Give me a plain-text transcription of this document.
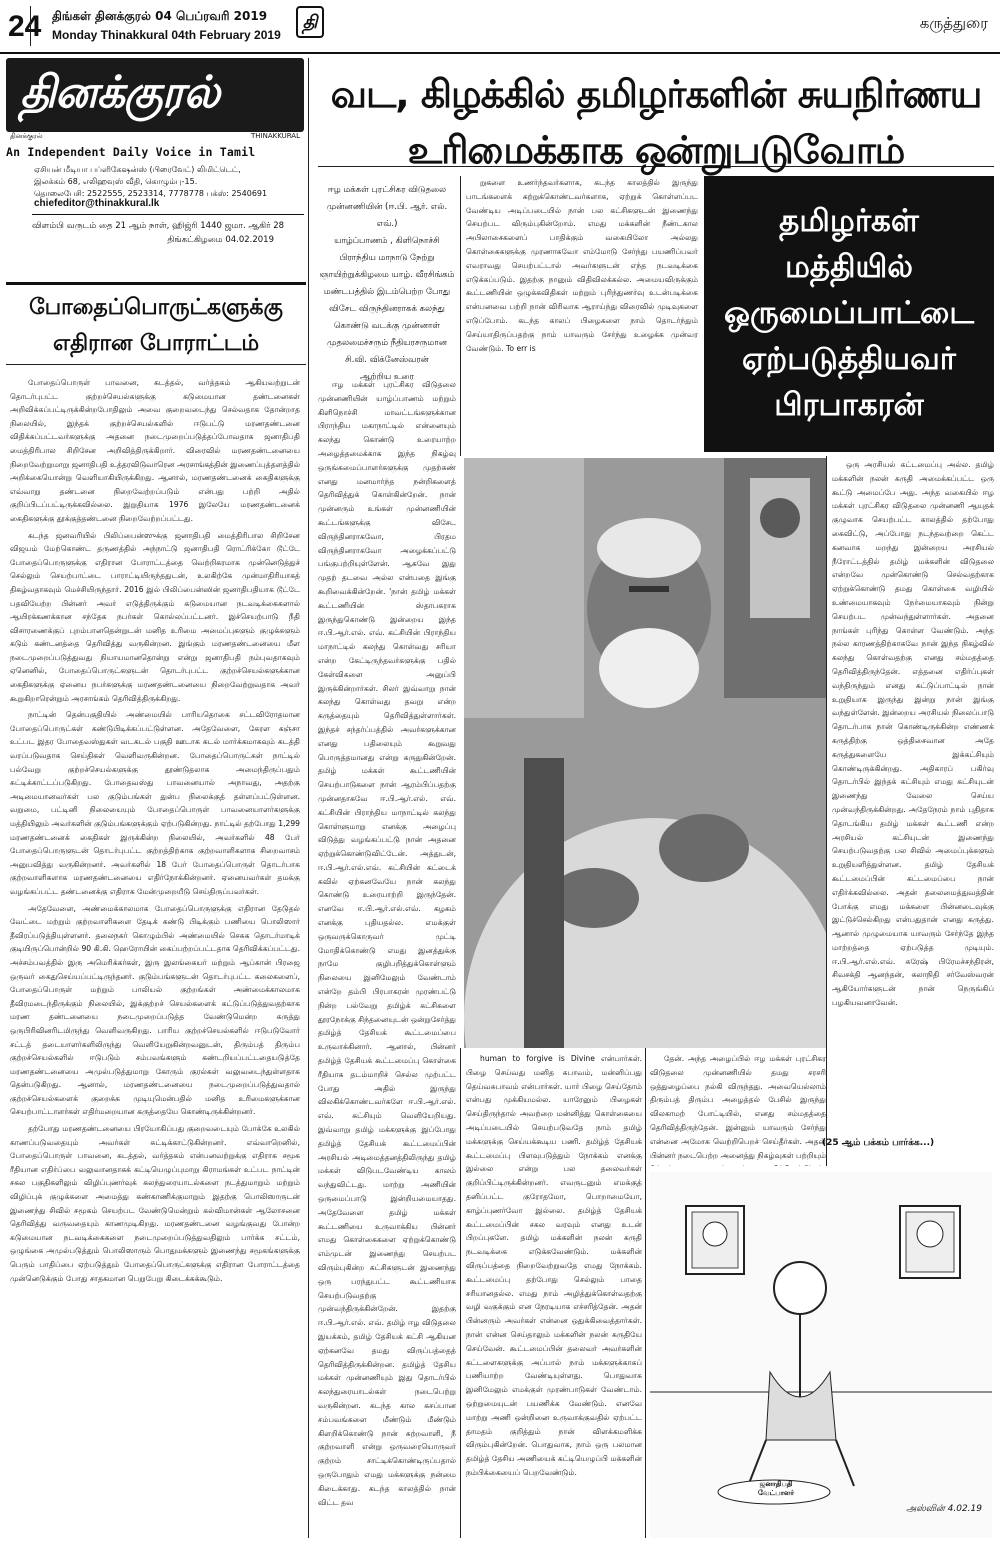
24 திங்கள் தினக்குரல் 04 பெப்ரவரி 2019
Monday Thinakkural 04th February 2019
தி	கருத்துரை
தினக்குரல்
தினக்குரல்	THINAKKURAL
An Independent Daily Voice in Tamil
ஏசியன் மீடியா பப்ளிகேஷன்ஸ் (பிரைவேட்) லிமிட்டெட்,
இலக்கம் 68, எலிஹவுஸ் வீதி, கொழும்பு-15.
தொலைபேசி: 2522555, 2523314, 7778778 பக்ஸ்: 2540691
chiefeditor@thinakkural.lk
விளம்பி வருடம் தை 21 ஆம் நாள், ஹிஜ்ரி 1440 ஜமா. ஆகிர் 28
திங்கட்கிழமை 04.02.2019
வட, கிழக்கில் தமிழர்களின் சுயநிர்ணய
உரிமைக்காக ஒன்றுபடுவோம்
போதைப்பொருட்களுக்கு
எதிரான போராட்டம்

போதைப்பொருள் பாவனை, கடத்தல், வர்த்தகம் ஆகியவற்றுடன் தொடர்புபட்ட குற்றச்செயல்களுக்கு கடுமையான தண்டனைகள் அறிவிக்கப்பட்டிருக்கின்றபோதிலும் அவை குறைவடைந்து செல்வதாக தோன்றாத நிலையில், இந்தக் குற்றச்செயல்களில் ஈடுபட்டு மரணதண்டனை விதிக்கப்பட்டவர்களுக்கு அதனை நடைமுறைப்படுத்தப்போவதாக ஜனாதிபதி மைத்திரிபால சிறிசேன அறிவித்திருக்கிறார். விரைவில் மரணதண்டனையை நிறைவேற்றுமாறு ஜனாதிபதி உத்தரவிடுவாரென அரசாங்கத்தின் இணைப்புத்தளத்தில் அறிக்கையொன்று வெளியாகியிருக்கிறது. ஆனால், மரணதண்டனைக் கைதிகளுக்கு எவ்வாறு தண்டனை நிறைவேற்றப்படும் என்பது பற்றி அதில் குறிப்பிடப்பட்டிருக்கவில்லை. இறுதியாக 1976 இலேயே மரணதண்டனைக் கைதிகளுக்கு தூக்குத்தண்டனை நிறைவேற்றப்பட்டது.

கடந்த ஜனவரியில் பிலிப்பைன்ஸுக்கு ஜனாதிபதி மைத்திரிபால சிறிசேன விஜயம் மேற்கொண்ட தருணத்தில் அந்நாட்டு ஜனாதிபதி ரொட்ரிக்கோ டூட்டே போதைப்பொருளுக்கு எதிரான போராட்டத்தை வெற்றிகரமாக முன்னெடுத்துச் செல்லும் செயற்பாட்டை பாராட்டியிருந்ததுடன், உலகிற்கே முன்மாதிரியாகத் திகழ்வதாகவும் மெச்சியிருந்தார். 2016 இல் பிலிப்பைன்ஸின் ஜனாதிபதியாக டூட்டே பதவியேற்ற பின்னர் அவர் எடுத்திருக்கும் கடுமையான நடவடிக்கைகளால் ஆயிரக்கணக்கான சந்தேக நபர்கள் கொல்லப்பட்டனர். இச்செயற்பாடு நீதி விசாரணைக்குப் புறம்பானதென்றுடன் மனித உரிமை அமைப்புகளும் குழுக்களும் கடும் கண்டனத்தை தெரிவித்து வருகின்றன. இங்கும் மரணதண்டனையை மீள நடைமுறைப்படுத்துவது நியாயமானதொன்று என்று ஜனாதிபதி நம்புவதாகவும் ஏனெனில், போதைப்பொருட்களுடன் தொடர்புபட்ட குற்றச்செயல்களுக்கான கைதிகளுக்கு ஏனைய நபர்களுக்கு மரணதண்டனையை நிறைவேற்றுவதாக அவர் கூறுகிறாரென்றும் அரசாங்கம் தெரிவித்திருக்கிறது.

நாட்டின் தென்பகுதியில் அண்மையில் பாரியதொகை சட்டவிரோதமான போதைப்பொருட்கள் கண்டுபிடிக்கப்பட்டுள்ளன. அதேவேளை, கேரள கஞ்சா உட்பட இதர போதைவஸ்துகள் வடகடல் பகுதி ஊடாக கடல் மார்க்கமாகவும் கடத்தி வரப்படுவதாக செய்திகள் வெளிவருகின்றன. போதைப்பொருட்கள் நாட்டில் பல்வேறு குற்றச்செயல்களுக்கு தூண்டுதலாக அமைந்திருப்பதும் சுட்டிக்காட்டப்படுகிறது. போதைவஸ்து பாவனையால் அநாவது, அதற்கு அடிமையானவர்கள் பல குடும்பங்கள் துன்ப நிலைக்குத் தள்ளப்பட்டுள்ளன. வறுமை, பட்டினி நிலையையும் போதைப்பொருள் பாவனையாளர்களுக்கு மத்தியிலும் அவர்களின் குடும்பங்களுக்கும் ஏற்படுகின்றது. நாட்டில் தற்போது 1,299 மரணதண்டனைக் கைதிகள் இருக்கின்ற நிலையில், அவர்களில் 48 பேர் போதைப்பொருளுடன் தொடர்புபட்ட குற்றத்திற்காக குற்றவாளிகளாக சிறைவாசம் அனுபவித்து வருகின்றனர். அவர்களில் 18 பேர் போதைப்பொருள் தொடர்பாக குற்றவாளிகளாக மரணதண்டனையை எதிர்நோக்கின்றனர். ஏனையவர்கள் தமக்கு வழங்கப்பட்ட தண்டனைக்கு எதிராக மேன்முறையீடு செய்திருப்பவர்கள்.

அதேவேளை, அண்மைக்காலமாக போதைப்பொருளுக்கு எதிரான தேடுதல் வேட்டை மற்றும் குற்றவாளிகளை தேடிக் கண்டு பிடிக்கும் பணியை பொலிஸார் தீவிரப்படுத்தியுள்ளனர். தலைநகர் கொழும்பில் அண்மையில் செசுக தொடர்மாடிக் குடியிருப்பொன்றில் 90 கி.கி. ஹெரோயின் கைப்பற்றப்பட்டதாக தெரிவிக்கப்பட்டது. அச்சம்பவத்தில் இரு அமெரிக்கர்கள், இரு இலங்கையர் மற்றும் ஆப்கான் பிரஜை ஒருவர் கைதுசெய்யப்பட்டிருந்தனர். குடும்பங்களுடன் தொடர்புபட்ட கலைகளைப், போதைப்பொருள் மற்றும் பாலியல் குற்றங்கள் அண்மைக்காலமாக தீவிரமடைந்திருக்கும் நிலையில், இக்குற்றச் செயல்களைக் கட்டுப்படுத்துவதற்காக மரண தண்டனையை நடைமுறைப்படுத்த வேண்டுமென்ற கருத்து ஒருபிரிவினரிடமிருந்து வெளிவருகிறது. பாரிய குற்றச்செயல்களில் ஈடுபடுவோர் சட்டத் தடையாளர்களிலிருந்து வெளியேறுகின்றவனுடன், திரும்பத் திரும்ப குற்றச்செயல்களில் ஈடுபடும் சம்பவங்களும் கண்டறியப்பட்டதையடுத்தே மரணதண்டனையை அமுல்படுத்துமாறு கோரும் குரல்கள் வலுவடைந்துள்ளதாக தென்படுகிறது. ஆனால், மரணதண்டனையை நடைமுறைப்படுத்துவதால் குற்றச்செயல்களைக் குறைக்க முடியுமென்பதில் மனித உரிமைகளுக்கான செயற்பாட்டாளர்கள் எதிர்மறையான கருத்தையே கொண்டிருக்கின்றனர்.

தற்போது மரணதண்டனையை பிரயோகிப்பது குறைவடையும் போக்கே உலகில் காணப்படுவதையும் அவர்கள் சுட்டிக்காட்டுகின்றனர். எவ்வாறெனில், போதைப்பொருள் பாவனை, கடத்தல், வர்த்தகம் என்பனவற்றுக்கு எதிராக சமூக ரீதியான எதிர்ப்பை வலுவானதாகக் கட்டியெழுப்புமாறு கிராமங்கள் உட்பட நாட்டின் சகல பகுதிகளிலும் விழிப்புணர்வுக் கலந்துரையாடல்களை நடத்துமாறும் மற்றும் விழிப்புக் குழுக்களை அமைத்து கண்காணிக்குமாறும் இதற்கு பொலிஸாருடன் இணைந்து சிவில் சமூகம் செயற்பட வேண்டுமென்றும் கல்விமான்கள் ஆலோசனை தெரிவித்து வருவதையும் காணமுடிகிறது. மரணதண்டனை வழங்குவது போன்ற கடுமையான நடவடிக்கைகளை நடைமுறைப்படுத்துவதிலும் பார்க்க சட்டம், ஒழுங்கை அமுல்படுத்தும் பொலிஸாரும் பொதுமக்களும் இணைந்து சமூகங்களுக்கு பெரும் பாதிப்பை ஏற்படுத்தும் போதைப்பொருட்களுக்கு எதிரான போராட்டத்தை முன்னெடுக்கும் போது சாதகமான பெறுபேறு கிடைக்கக்கூடும்.

ஈழ மக்கள் புரட்சிகர விடுதலை
முன்னணியின் (ஈ.பி. ஆர். எல். எவ்.)
யாழ்ப்பாணம் , கிளிநொச்சி
பிராந்திய மாநாடு நேற்று
ஞாயிற்றுக்கிழமை யாழ். வீரசிங்கம்
மண்டபத்தில் இடம்பெற்ற போது
விசேட விருந்தினராகக் கலந்து
கொண்டு வடக்கு முன்னாள்
முதலமைச்சரும் நீதியரசருமான
சி.வி. விக்னேஸ்வரன்
ஆற்றிய உரை

ஈழ மக்கள் புரட்சிகர விடுதலை முன்னணியின் யாழ்ப்பாணம் மற்றும் கிளிநொச்சி மாவட்டங்களுக்கான பிராந்திய மகாநாட்டில் என்னையும் கலந்து கொண்டு உரையாற்ற அழைத்தமைக்காக இந்த நிகழ்வு ஒருங்கமைப்பாளர்களுக்கு முதற்கண் எனது மனமார்ந்த நன்றிகளைத் தெரிவித்துக் கொள்கின்றேன். நான் முன்னரும் உங்கள் முன்னணியின் கூட்டங்களுக்கு விசேட விருந்தினராகவோ, பிரதம விருந்தினராகவோ அழைக்கப்பட்டு பங்குபற்றியுள்ளேன். ஆகவே இது முதற் தடவை அல்ல என்பதை இங்கு கூறிவைக்கின்றேன். 'நான் தமிழ் மக்கள் கூட்டணியின் ஸ்தாபகராக இருந்துகொண்டு இன்றைய இந்த ஈ.பி.ஆர்.எல். எவ். கட்சியின் பிராந்திய மாநாட்டில் கலந்து கொள்வது சரியா என்ற கேட்டிருந்தவர்களுக்கு பதில் கேள்விகளை அனுப்பி இருக்கின்றார்கள். சிலர் இவ்வாறு நான் கலந்து கொள்வது தவறு என்ற கருத்தையும் தெரிவித்துள்ளார்கள். இந்தச் சந்தர்ப்பத்தில் அவர்களுக்கான எனது பதிலையும் கூறுவது பொருத்தமானது என்று கருதுகின்றேன். தமிழ் மக்கள் கூட்டணியின் செயற்பாடுகளை நான் ஆரம்பிப்பதற்கு முன்னதாகவே ஈ.பி.ஆர்.எல். எவ். கட்சியின் பிராந்திய மாநாட்டில் கலந்து கொள்ளுமாறு எனக்கு அழைப்பு விடுத்து வழங்கப்பட்டு நான் அதனை ஏற்றுக்கொண்டுவிட்டேன். அத்துடன், ஈ.பி.ஆர்.எல்.எவ். கட்சியின் கட்டைக் கவில் ஏற்கனவேயே நான் கலந்து கொண்டு உரையாற்றி இருந்தேன். எனவே ஈ.பி.ஆர்.எல்.எவ். கழகம் எனக்கு புதியதல்ல. எமக்குள் ஒருவருக்கொருவர் முட்டி மோதிக்கொண்டு எமது இனத்துக்கு நாமே குழிபறித்துக்கொள்ளும் நிலையை இனிமேலும் வேண்டாம் என்றே தம்பி பிரபாகரன் முரண்பட்டு நின்ற பல்வேறு தமிழ்க் கட்சிகளை தூரநோக்கு சிந்தனையுடன் ஒன்றுசேர்த்து தமிழ்த் தேசியக் கூட்டமைப்பை உருவாக்கினார். ஆனால், பின்னர் தமிழ்த் தேசியக் கூட்டமைப்பு கொள்கை ரீதியாக தடம்மாறிச் செல்ல முற்பட்ட போது அதில் இருந்து விலகிக்கொண்டவர்களே ஈ.பி.ஆர்.எல். எவ். கட்சியும் வெளியேறியது. இவ்வாறு தமிழ் மக்களுக்கு இப்போது தமிழ்த் தேசியக் கூட்டமைப்பின் அரசியல் அடிமைத்தனத்திலிருந்து தமிழ் மக்கள் விடுபடவேண்டிய காலம் வந்துவிட்டது. மாற்று அணியின் ஒருமைப்பாடு இன்றியமையாதது. அதேவேளை தமிழ் மக்கள் கூட்டணியை உருவாக்கிய பின்னர் எமது கொள்கைகளை ஏற்றுக்கொண்டு எம்முடன் இணைந்து செயற்பட விரும்புகின்ற கட்சிகளுடன் இணைந்து ஒரு பரந்துபட்ட கூட்டணியாக செயற்படுவதற்கு முன்வந்திருக்கின்றேன். இதற்கு ஈ.பி.ஆர்.எல். எவ். தமிழ் ஈழ விடுதலை இயக்கம், தமிழ் தேசியக் கட்சி ஆகியன ஏற்கனவே தமது விருப்பத்தைத் தெரிவித்திருக்கின்றன. தமிழ்த் தேசிய மக்கள் முன்னணியும் இது தொடர்பில் கலந்துரையாடல்கள் நடைபெற்று வருகின்றன. கடந்த கால கசப்பான சம்பவங்களை மீண்டும் மீண்டும் கிளறிக்கொண்டு நான் சுற்றவாளி, நீ குற்றவாளி என்று ஒருவரையொருவர் குற்றம் சாட்டிக்கொண்டிருப்பதால் ஒருபோதும் எமது மக்களுக்கு நன்மை கிடைக்காது. கடந்த காலத்தில் நான் விட்ட தவ

றுகளை உணர்ந்தவர்களாக, கடந்த காலத்தில் இருந்து பாடங்களைக் கற்றுக்கொண்டவர்களாக, ஏற்றுக் கொள்ளப்பட வேண்டிய அடிப்படையில் நான் பல கட்சிகளுடன் இணைந்து செயற்பட விரும்புகின்றோம். எமது மக்களின் நீண்டகால அபிலாசைகளைப் பாதிக்கும் வகையிலோ அல்லது கொள்கைகளுக்கு முரணாகவோ எம்மோடு சேர்ந்து பயணிப்பவர் எவராவது செயற்பட்டால் அவர்களுடன் எந்த நடவடிக்கை எடுக்கப்படும். இதற்கு நானும் விதிவிலக்கல்ல. அமையவிருக்கும் கூட்டணியின் ஒழுக்கவிதிகள் மற்றும் புரிந்துணர்வு உடன்படிக்கை என்பனவை பற்றி நான் விரிவாக ஆராய்ந்து விரைவில் முடிவுகளை எடுப்போம். கடந்த காலப் பிழைகளை நாம் தொடர்ந்தும் செய்யாதிருப்பதற்கு நாம் யாவரும் சேர்ந்து உழைக்க முன்வர வேண்டும். To err is

human to forgive is Divine என்பார்கள். பிழை செய்வது மனித சுபாவம், மன்னிப்பது தெய்வசுபாவம் என்பார்கள். யார் பிழை செய்தோம் என்பது முக்கியமல்ல. யாரேனும் பிழைகள் செய்திருந்தால் அவற்றை மன்னித்து கொள்கையை அடிப்படையில் செயற்படுவதே நாம் தமிழ் மக்களுக்கு செய்யக்கூடிய பணி. தமிழ்த் தேசியக் கூட்டமைப்பு பிளவுபடுத்தும் நோக்கம் எனக்கு இல்லை என்று பல தலைவர்கள் குறிப்பிட்டிருக்கின்றனர். எவருடனும் எமக்குத் தனிப்பட்ட குரோதமோ, பொறாமையோ, காழ்ப்புணர்வோ இல்லை. தமிழ்த் தேசியக் கூட்டமைப்பின் சகல வரவும் எனது உடன் பிறப்புகளே. தமிழ் மக்களின் நலன் கருதி நடவடிக்கை எடுக்கவேண்டும். மக்களின் விருப்பத்தை நிறைவேற்றுவதே எமது நோக்கம். கூட்டமைப்பு தற்போது செல்லும் பாதை சரியானதல்ல. எமது நாம் அழித்துக்கொள்வதற்கு வழி வகுக்கும் என நேரடியாக எச்சரித்தேன். அதன் பின்னரும் அவர்கள் என்னை ஒதுக்கிவைத்தார்கள். நான் என்ன செய்தாலும் மக்களின் நலன் கருதியே செய்வேன். கூட்டமைப்பின் தலைவர் அவர்களின் கட்டளைகளுக்கு அப்பால் நாம் மக்களுக்காகப் பணியாற்ற வேண்டியுள்ளது. பொதுவாக இனிமேலும் எமக்குள் முரண்பாடுகள் வேண்டாம். ஒற்றுமையுடன் பயணிக்க வேண்டும். எனவே மாற்று அணி ஒன்றினை உருவாக்குவதில் ஏற்பட்ட தாமதம் குறித்தும் நான் விளக்கமளிக்க விரும்புகின்றேன். பொதுவாக, நாம் ஒரு பலமான தமிழ்த் தேசிய அணியைக் கட்டியெழுப்பி மக்களின் நம்பிக்கையைப் பெறவேண்டும்.

தேன். அந்த அழைப்பில் ஈழ மக்கள் புரட்சிகர விடுதலை முன்னணியில் தமது சரசரி ஒத்துழைப்பை நல்கி விருந்தது. அவையெல்லாம் திரும்பத் திரும்ப அழைத்தல் பேசில் இருந்து விலகாமற் போட்டியில், எனது சம்மதத்தை தெரிவித்திருந்தேன். இன்னும் யாவரும் சேர்ந்து என்னை அமோக வெற்றிபெறச் செய்தீர்கள். அதன் பின்னர் நடைபெற்ற அனைத்து நிகழ்வுகள் பற்றியும்

ஒரு அரசியல் கட்டமைப்பு அல்ல. தமிழ் மக்களின் நலன் கருதி அமைக்கப்பட்ட ஒரு கூட்டு அமைப்பே அது. அந்த வகையில் ஈழ மக்கள் புரட்சிகர விடுதலை முன்னணி ஆயுதக் குழுவாக செயற்பட்ட காலத்தில் தற்போது கைவிட்டு, அப்போது நடந்தவற்றை கெட்ட கனவாக மறந்து இன்றைய அரசியல் நீரோட்டத்தில் தமிழ் மக்களின் விடுதலை என்றவே முன்கொண்டு செல்வதற்காக ஏற்றுக்கொண்டு தமது கொள்கை வழியில் உண்மையாகவும் நேர்மையாகவும் நின்று செயற்பட முன்வந்துள்ளார்கள். அதனை நாங்கள் புரிந்து கொள்ள வேண்டும். அந்த நல்ல காரணத்திற்காகவே நான் இந்த நிகழ்வில் கலந்து கொள்வதற்கு எனது சம்மதத்தை தெரிவித்திருந்தேன். எத்தனை எதிர்ப்புகள் வந்திருந்தும் எனது கட்டுப்பாட்டில் நான் உறுதியாக இருந்து இன்று நான் இங்கு வந்துள்ளேன். இன்றைய அரசியல் நிலைப்பாடு தொடர்பாக நான் கொண்டிருக்கின்ற எண்ணக் கருத்திற்கு ஒத்திசைவான அதே கருத்துகளையே இக்கட்சியும் கொண்டிருக்கின்றது. அதிகாரப் பகிர்வு தொடர்பில் இந்தக் கட்சியும் எமது கட்சியுடன் இணைந்து வேலை செய்ய முன்வந்திருக்கின்றது. அதேநேரம் நாம் புதிதாக தொடங்கிய தமிழ் மக்கள் கூட்டணி என்ற அரசியல் கட்சியுடன் இணைந்து செயற்படுவதற்கு பல சிவில் அமைப்புக்களும் உறுதியளித்துள்ளன. தமிழ் தேசியக் கூட்டமைப்பின் கட்டமைப்பை நான் எதிர்க்கவில்லை. அதன் தலைமைத்துவத்தின் போக்கு எமது மக்களை பின்னடைவுக்கு இட்டுச்செல்கிறது என்பதுதான் எனது கருத்து. ஆனால் முழுமையாக யாவரும் சேர்ந்தே இந்த மாற்றத்தை ஏற்படுத்த முடியும். ஈ.பி.ஆர்.எல்.எவ். சுரேஷ் பிரேமச்சந்திரன், சிவசக்தி ஆனந்தன், கலாநிதி சர்வேஸ்வரன் ஆகியோர்களுடன் நான் நெருங்கிப் பழகியவனாவேன்.

(25 ஆம் பக்கம் பார்க்க...)
தமிழர்கள்
மத்தியில்
ஒருமைப்பாட்டை
ஏற்படுத்தியவர்
பிரபாகரன்
ஜனாதிபதி வேட்பாளர்
அஸ்வின் 4.02.19
